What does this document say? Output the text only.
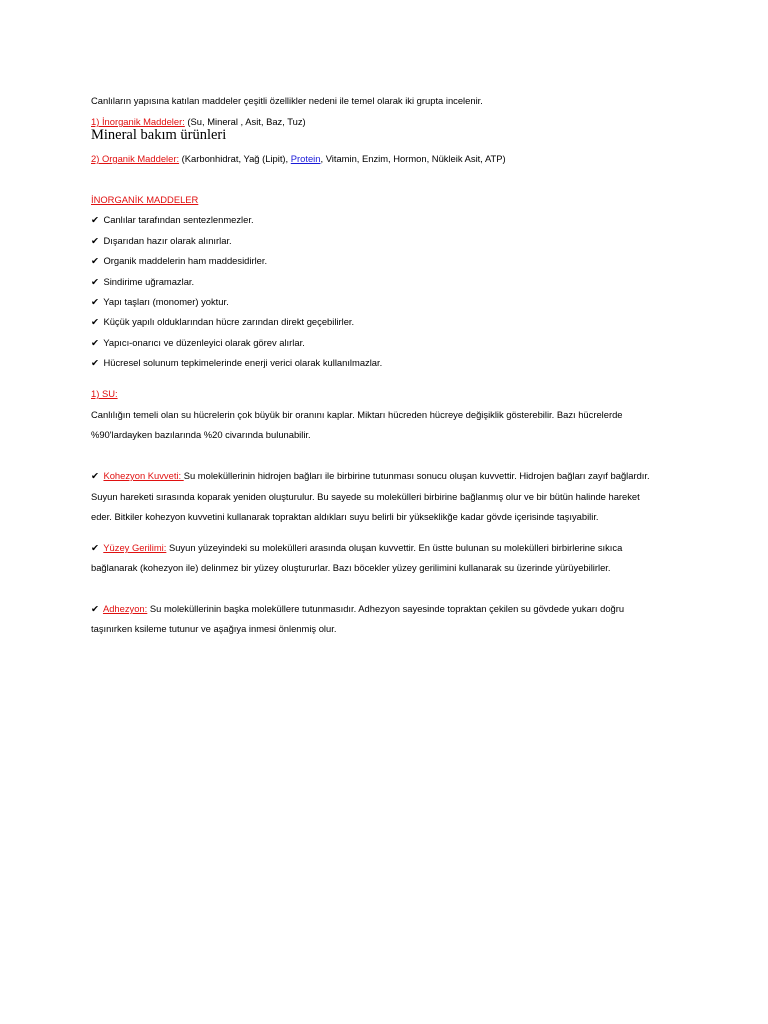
Canlıların yapısına katılan maddeler çeşitli özellikler nedeni ile temel olarak iki grupta incelenir.
1) İnorganik Maddeler: (Su, Mineral , Asit, Baz, Tuz)
Mineral bakım ürünleri
2) Organik Maddeler: (Karbonhidrat, Yağ (Lipit), Protein, Vitamin, Enzim, Hormon, Nükleik Asit, ATP)
İNORGANİK MADDELER
✔ Canlılar tarafından sentezlenmezler.
✔ Dışarıdan hazır olarak alınırlar.
✔ Organik maddelerin ham maddesidirler.
✔ Sindirime uğramazlar.
✔ Yapı taşları (monomer) yoktur.
✔ Küçük yapılı olduklarından hücre zarından direkt geçebilirler.
✔ Yapıcı-onarıcı ve düzenleyici olarak görev alırlar.
✔ Hücresel solunum tepkimelerinde enerji verici olarak kullanılmazlar.
1) SU:
Canlılığın temeli olan su hücrelerin çok büyük bir oranını kaplar. Miktarı hücreden hücreye değişiklik gösterebilir. Bazı hücrelerde
%90'lardayken bazılarında %20 civarında bulunabilir.
✔ Kohezyon Kuvveti: Su moleküllerinin hidrojen bağları ile birbirine tutunması sonucu oluşan kuvvettir. Hidrojen bağları zayıf bağlardır.
Suyun hareketi sırasında koparak yeniden oluşturulur. Bu sayede su molekülleri birbirine bağlanmış olur ve bir bütün halinde hareket
eder. Bitkiler kohezyon kuvvetini kullanarak topraktan aldıkları suyu belirli bir yükseklikğe kadar gövde içerisinde taşıyabilir.
✔ Yüzey Gerilimi: Suyun yüzeyindeki su molekülleri arasında oluşan kuvvettir. En üstte bulunan su molekülleri birbirlerine sıkıca
bağlanarak (kohezyon ile) delinmez bir yüzey oluştururlar. Bazı böcekler yüzey gerilimini kullanarak su üzerinde yürüyebilirler.
✔ Adhezyon: Su moleküllerinin başka moleküllere tutunmasıdır. Adhezyon sayesinde topraktan çekilen su gövdede yukarı doğru
taşınırken ksileme tutunur ve aşağıya inmesi önlenmiş olur.
